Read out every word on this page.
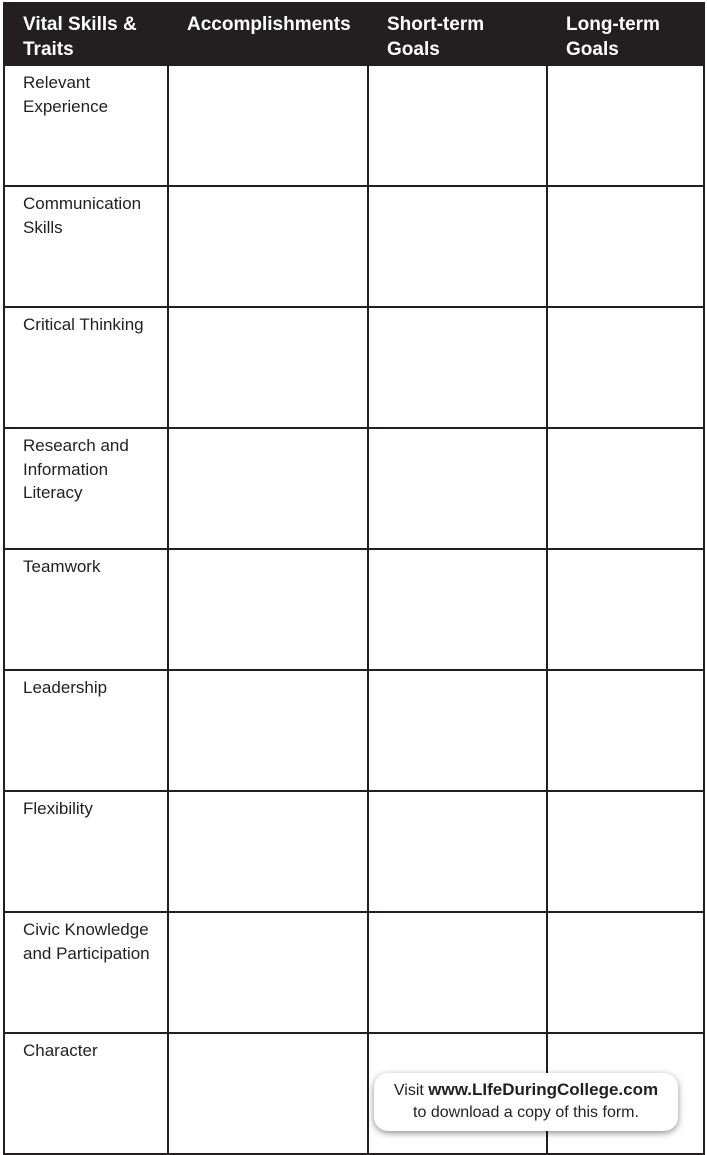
Vital Skills & Traits	Accomplishments	Short-term Goals	Long-term Goals
Relevant Experience			
Communication Skills			
Critical Thinking			
Research and Information Literacy			
Teamwork			
Leadership			
Flexibility			
Civic Knowledge and Participation			
Character			
Visit www.LIfeDuringCollege.com
to download a copy of this form.
